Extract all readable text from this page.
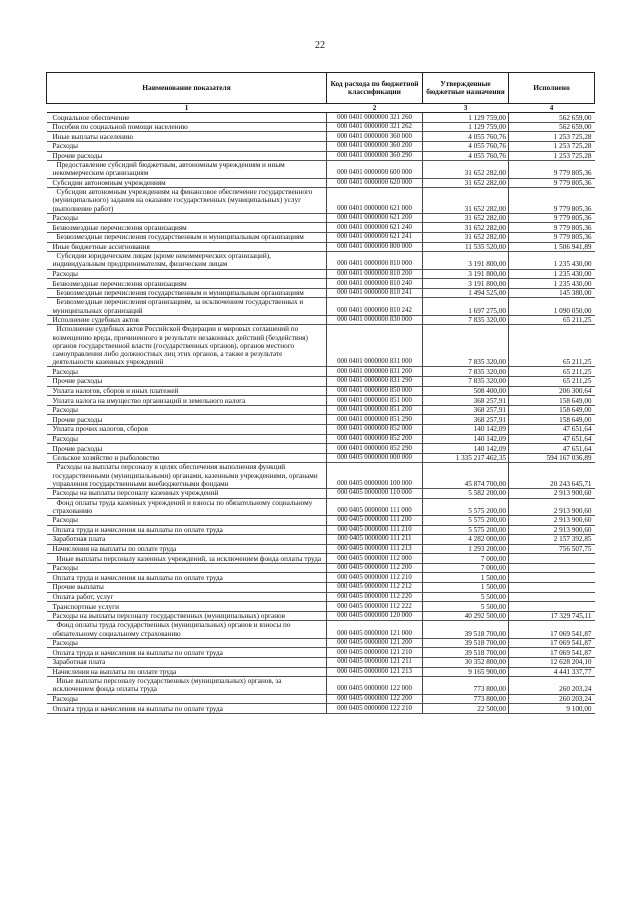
22
Наименование показателя	Код расхода по бюджетной классификации	Утвержденные бюджетные назначения	Исполнено
1	2	3	4
Социальное обеспечение	000 0401 0000000 321 260	1 129 759,00	562 659,00
Пособия по социальной помощи населению	000 0401 0000000 321 262	1 129 759,00	562 659,00
Иные выплаты населению	000 0401 0000000 360 000	4 055 760,76	1 253 725,28
Расходы	000 0401 0000000 360 200	4 055 760,76	1 253 725,28
Прочие расходы	000 0401 0000000 360 290	4 055 760,76	1 253 725,28
Предоставление субсидий бюджетным, автономным учреждениям и иным некоммерческим организациям	000 0401 0000000 600 000	31 652 282,00	9 779 805,36
Субсидии автономным учреждениям	000 0401 0000000 620 000	31 652 282,00	9 779 805,36
Субсидии автономным учреждениям на финансовое обеспечение государственного (муниципального) задания на оказание государственных (муниципальных) услуг (выполнение работ)	000 0401 0000000 621 000	31 652 282,00	9 779 805,36
Расходы	000 0401 0000000 621 200	31 652 282,00	9 779 805,36
Безвозмездные перечисления организациям	000 0401 0000000 621 240	31 652 282,00	9 779 805,36
Безвозмездные перечисления государственным и муниципальным организациям	000 0401 0000000 621 241	31 652 282,00	9 779 805,36
Иные бюджетные ассигнования	000 0401 0000000 800 000	11 535 520,00	1 506 941,89
Субсидии юридическим лицам (кроме некоммерческих организаций), индивидуальным предпринимателям, физическим лицам	000 0401 0000000 810 000	3 191 800,00	1 235 430,00
Расходы	000 0401 0000000 810 200	3 191 800,00	1 235 430,00
Безвозмездные перечисления организациям	000 0401 0000000 810 240	3 191 800,00	1 235 430,00
Безвозмездные перечисления государственным и муниципальным организациям	000 0401 0000000 810 241	1 494 525,00	145 380,00
Безвозмездные перечисления организациям, за исключением государственных и муниципальных организаций	000 0401 0000000 810 242	1 697 275,00	1 090 050,00
Исполнение судебных актов	000 0401 0000000 830 000	7 835 320,00	65 211,25
Исполнение судебных актов Российской Федерации и мировых соглашений по возмещению вреда, причиненного в результате незаконных действий (бездействия) органов государственной власти (государственных органов), органов местного самоуправления либо должностных лиц этих органов, а также в результате деятельности казенных учреждений	000 0401 0000000 831 000	7 835 320,00	65 211,25
Расходы	000 0401 0000000 831 200	7 835 320,00	65 211,25
Прочие расходы	000 0401 0000000 831 290	7 835 320,00	65 211,25
Уплата налогов, сборов и иных платежей	000 0401 0000000 850 000	508 400,00	206 300,64
Уплата налога на имущество организаций и земельного налога	000 0401 0000000 851 000	368 257,91	158 649,00
Расходы	000 0401 0000000 851 200	368 257,91	158 649,00
Прочие расходы	000 0401 0000000 851 290	368 257,91	158 649,00
Уплата прочих налогов, сборов	000 0401 0000000 852 000	140 142,09	47 651,64
Расходы	000 0401 0000000 852 200	140 142,09	47 651,64
Прочие расходы	000 0401 0000000 852 290	140 142,09	47 651,64
Сельское хозяйство и рыболовство	000 0405 0000000 000 000	1 335 217 462,35	594 167 036,89
Расходы на выплаты персоналу в целях обеспечения выполнения функций государственными (муниципальными) органами, казенными учреждениями, органами управления государственными внебюджетными фондами	000 0405 0000000 100 000	45 874 700,00	20 243 645,71
Расходы на выплаты персоналу казенных учреждений	000 0405 0000000 110 000	5 582 200,00	2 913 900,60
Фонд оплаты труда казенных учреждений и взносы по обязательному социальному страхованию	000 0405 0000000 111 000	5 575 200,00	2 913 900,60
Расходы	000 0405 0000000 111 200	5 575 200,00	2 913 900,60
Оплата труда и начисления на выплаты по оплате труда	000 0405 0000000 111 210	5 575 200,00	2 913 900,60
Заработная плата	000 0405 0000000 111 211	4 282 000,00	2 157 392,85
Начисления на выплаты по оплате труда	000 0405 0000000 111 213	1 293 200,00	756 507,75
Иные выплаты персоналу казенных учреждений, за исключением фонда оплаты труда	000 0405 0000000 112 000	7 000,00	
Расходы	000 0405 0000000 112 200	7 000,00	
Оплата труда и начисления на выплаты по оплате труда	000 0405 0000000 112 210	1 500,00	
Прочие выплаты	000 0405 0000000 112 212	1 500,00	
Оплата работ, услуг	000 0405 0000000 112 220	5 500,00	
Транспортные услуги	000 0405 0000000 112 222	5 500,00	
Расходы на выплаты персоналу государственных (муниципальных) органов	000 0405 0000000 120 000	40 292 500,00	17 329 745,11
Фонд оплаты труда государственных (муниципальных) органов и взносы по обязательному социальному страхованию	000 0405 0000000 121 000	39 518 700,00	17 069 541,87
Расходы	000 0405 0000000 121 200	39 518 700,00	17 069 541,87
Оплата труда и начисления на выплаты по оплате труда	000 0405 0000000 121 210	39 518 700,00	17 069 541,87
Заработная плата	000 0405 0000000 121 211	30 352 800,00	12 628 204,10
Начисления на выплаты по оплате труда	000 0405 0000000 121 213	9 165 900,00	4 441 337,77
Иные выплаты персоналу государственных (муниципальных) органов, за исключением фонда оплаты труда	000 0405 0000000 122 000	773 800,00	260 203,24
Расходы	000 0405 0000000 122 200	773 800,00	260 203,24
Оплата труда и начисления на выплаты по оплате труда	000 0405 0000000 122 210	22 500,00	9 100,00
